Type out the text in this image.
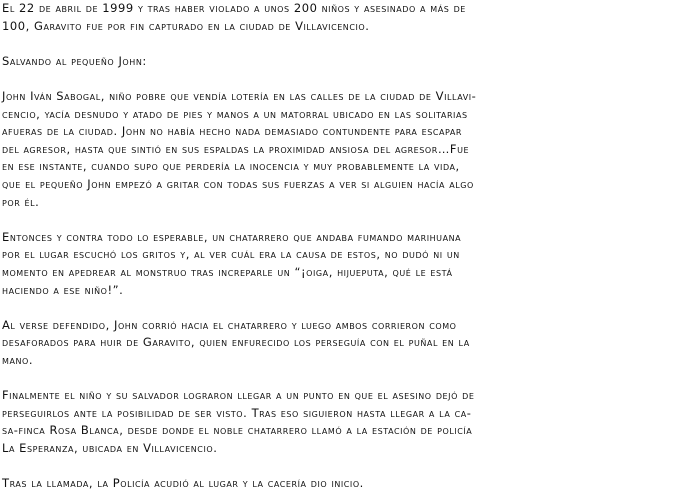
El 22 de abril de 1999 y tras haber violado a unos 200 niños y asesinado a más de
100, Garavito fue por fin capturado en la ciudad de Villavicencio.
Salvando al pequeño John:
John Iván Sabogal, niño pobre que vendía lotería en las calles de la ciudad de Villavi-
cencio, yacía desnudo y atado de pies y manos a un matorral ubicado en las solitarias
afueras de la ciudad. John no había hecho nada demasiado contundente para escapar
del agresor, hasta que sintió en sus espaldas la proximidad ansiosa del agresor…Fue
en ese instante, cuando supo que perdería la inocencia y muy probablemente la vida,
que el pequeño John empezó a gritar con todas sus fuerzas a ver si alguien hacía algo
por él.
Entonces y contra todo lo esperable, un chatarrero que andaba fumando marihuana
por el lugar escuchó los gritos y, al ver cuál era la causa de estos, no dudó ni un
momento en apedrear al monstruo tras increparle un “¡oiga, hijueputa, qué le está
haciendo a ese niño!”.
Al verse defendido, John corrió hacia el chatarrero y luego ambos corrieron como
desaforados para huir de Garavito, quien enfurecido los perseguía con el puñal en la
mano.
Finalmente el niño y su salvador lograron llegar a un punto en que el asesino dejó de
perseguirlos ante la posibilidad de ser visto. Tras eso siguieron hasta llegar a la ca-
sa-finca Rosa Blanca, desde donde el noble chatarrero llamó a la estación de policía
La Esperanza, ubicada en Villavicencio.
Tras la llamada, la Policía acudió al lugar y la cacería dio inicio.
